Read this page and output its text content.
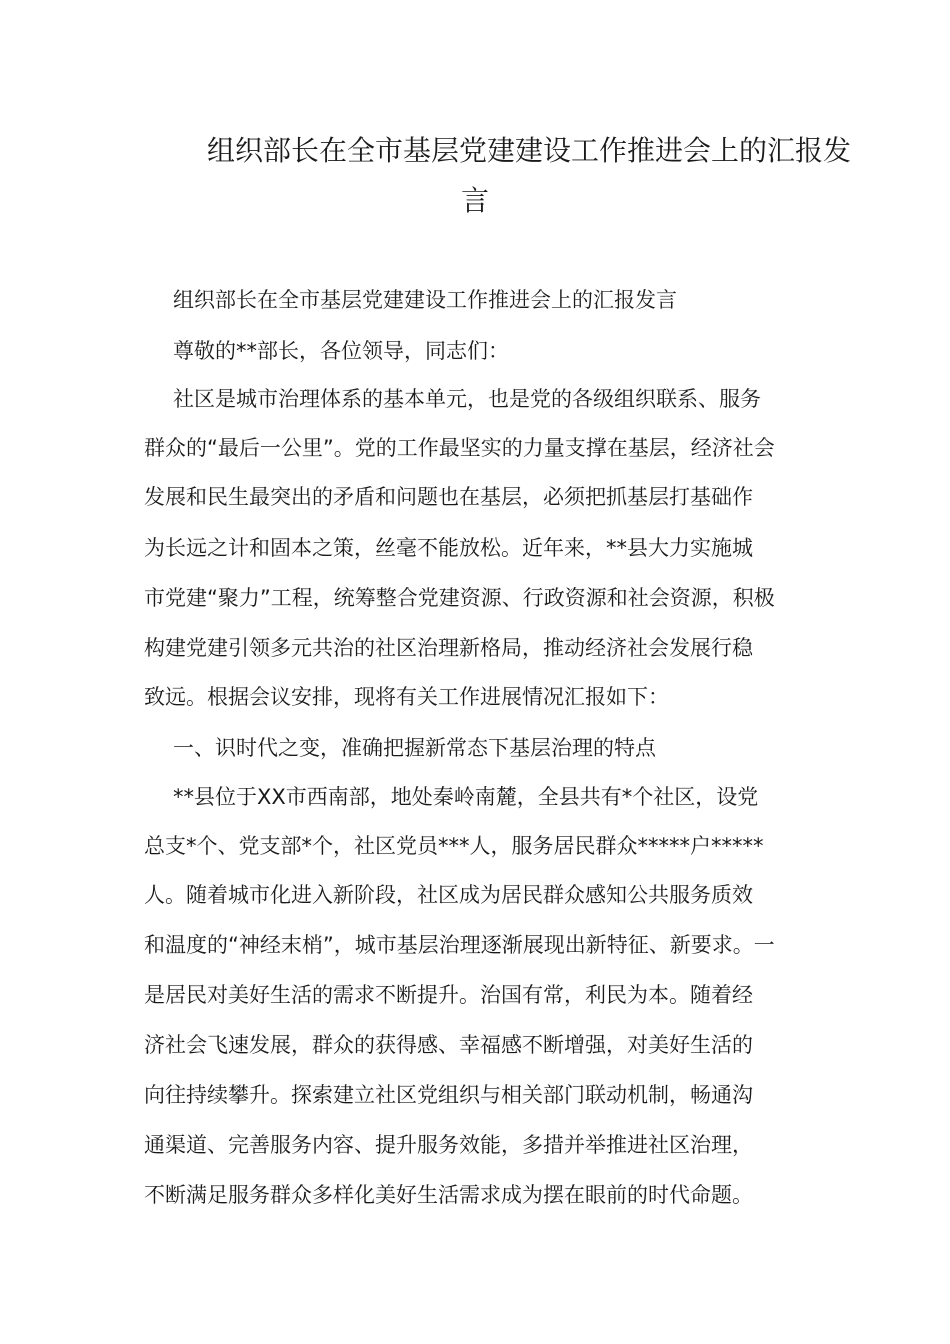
组织部长在全市基层党建建设工作推进会上的汇报发
言
组织部长在全市基层党建建设工作推进会上的汇报发言
尊敬的**部长，各位领导，同志们：
社区是城市治理体系的基本单元，也是党的各级组织联系、服务
群众的“最后一公里”。党的工作最坚实的力量支撑在基层，经济社会
发展和民生最突出的矛盾和问题也在基层，必须把抓基层打基础作
为长远之计和固本之策，丝毫不能放松。近年来，**县大力实施城
市党建“聚力”工程，统筹整合党建资源、行政资源和社会资源，积极
构建党建引领多元共治的社区治理新格局，推动经济社会发展行稳
致远。根据会议安排，现将有关工作进展情况汇报如下：
一、识时代之变，准确把握新常态下基层治理的特点
**县位于XX市西南部，地处秦岭南麓，全县共有*个社区，设党
总支*个、党支部*个，社区党员***人，服务居民群众*****户*****
人。随着城市化进入新阶段，社区成为居民群众感知公共服务质效
和温度的“神经末梢”，城市基层治理逐渐展现出新特征、新要求。一
是居民对美好生活的需求不断提升。治国有常，利民为本。随着经
济社会飞速发展，群众的获得感、幸福感不断增强，对美好生活的
向往持续攀升。探索建立社区党组织与相关部门联动机制，畅通沟
通渠道、完善服务内容、提升服务效能，多措并举推进社区治理，
不断满足服务群众多样化美好生活需求成为摆在眼前的时代命题。
